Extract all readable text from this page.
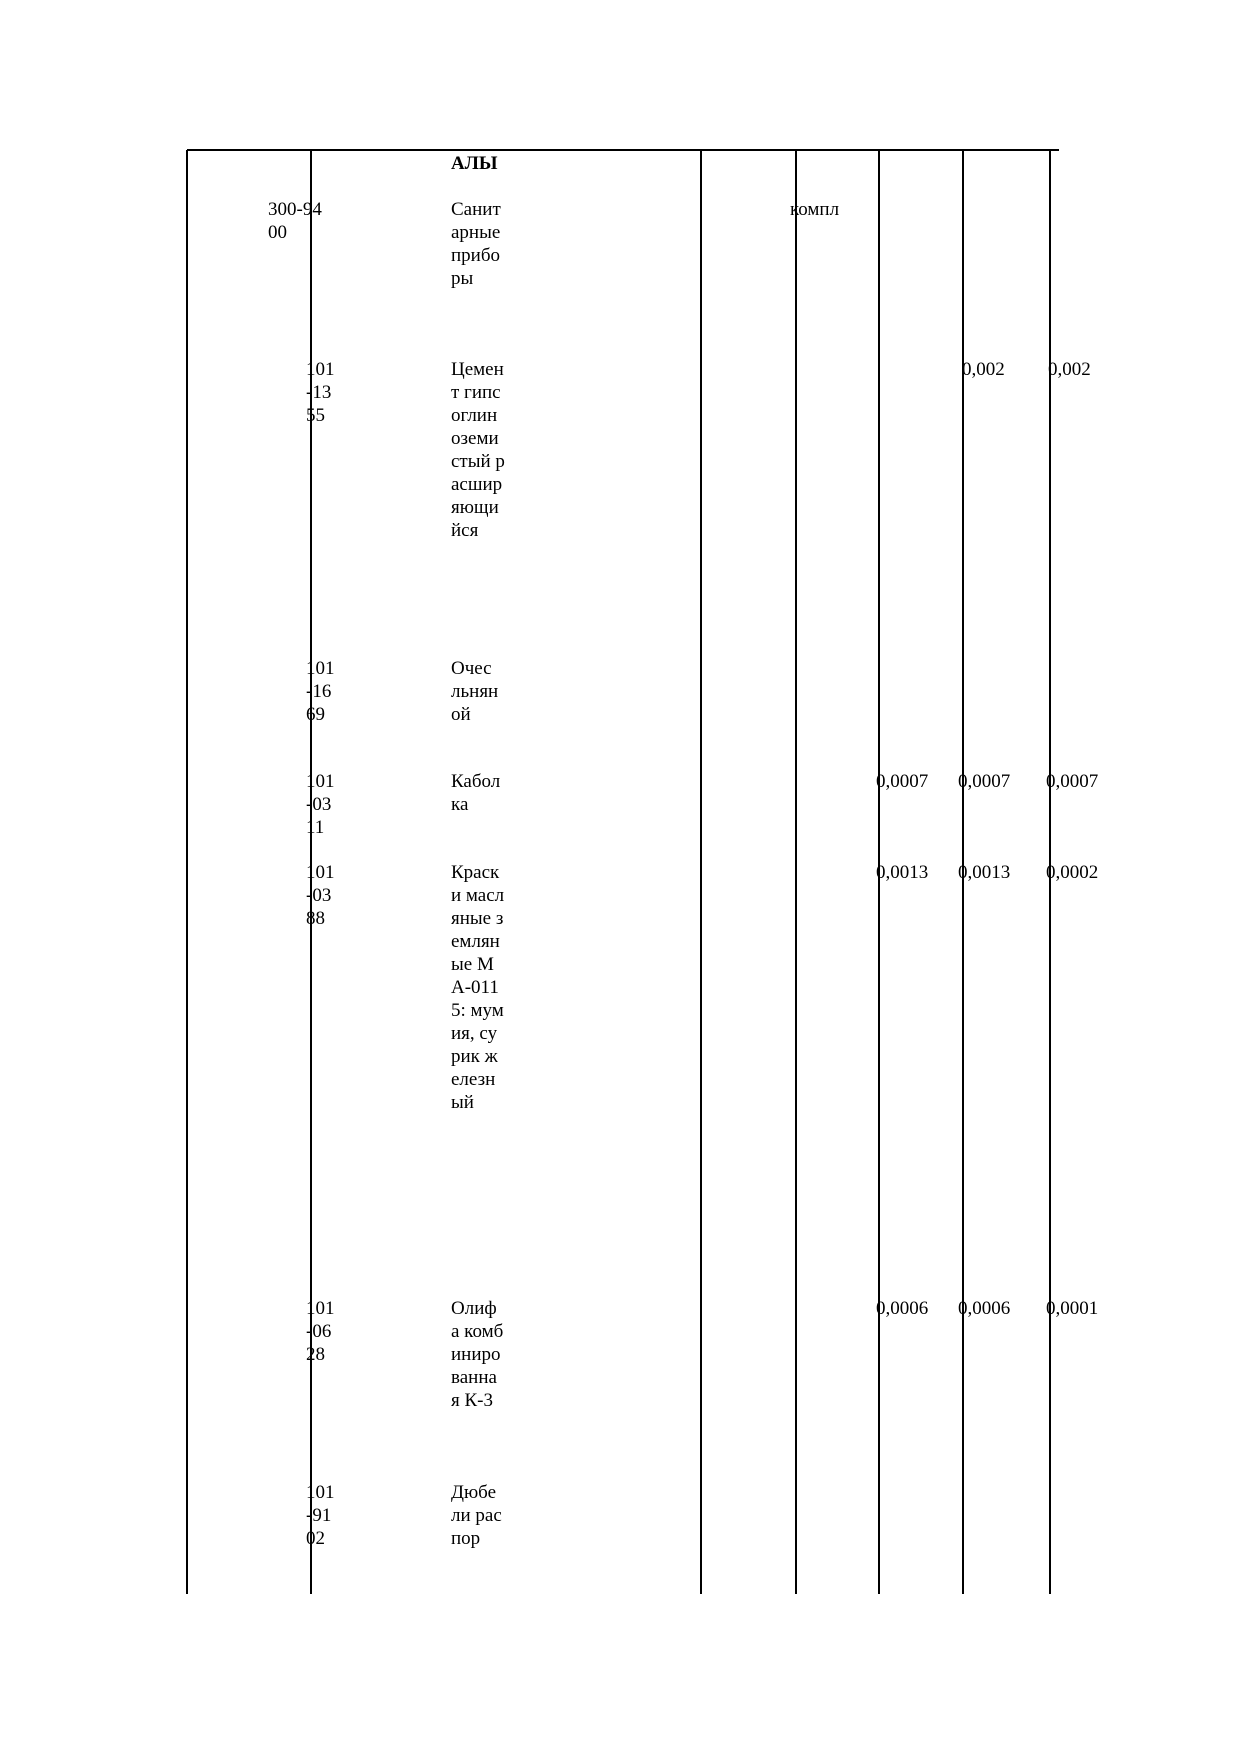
АЛЫ
300-9400
Санитарные приборы
компл
101-1355
Цемент гипсоглиноземистый расширяющийся
0,002 0,002
101-1669
Очес льняной
101-0311
Каболка
0,0007 0,0007 0,0007
101-0388
Краски масляные земляные МА-0115: мумия, сурик железный
0,0013 0,0013 0,0002
101-0628
Олифа комбинированная К-3
0,0006 0,0006 0,0001
101-9102
Дюбели распор
